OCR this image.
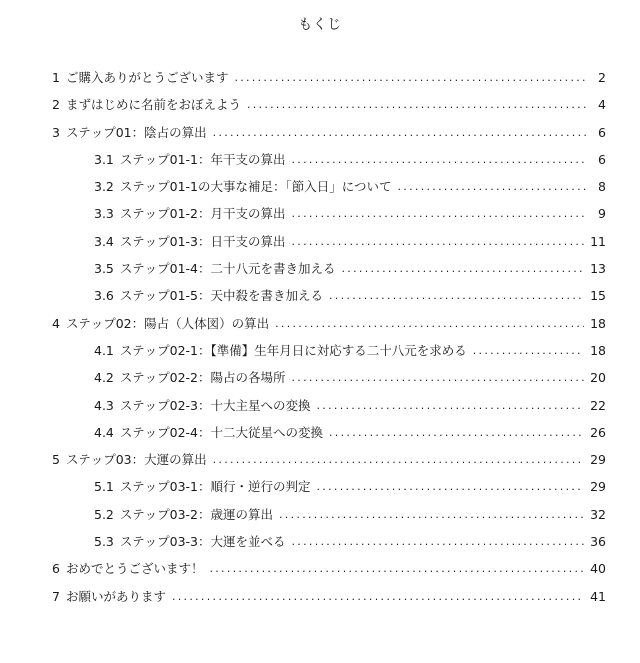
もくじ
1 ご購入ありがとうございます . . .	2
2 まずはじめに名前をおぼえよう . . .	4
3 ステップ01：陰占の算出 . . .	6
3.1 ステップ01-1：年干支の算出 . . .	6
3.2 ステップ01-1の大事な補足：「節入日」について . . .	8
3.3 ステップ01-2：月干支の算出 . . .	9
3.4 ステップ01-3：日干支の算出 . . .	11
3.5 ステップ01-4：二十八元を書き加える . . .	13
3.6 ステップ01-5：天中殺を書き加える . . .	15
4 ステップ02：陽占（人体図）の算出 . . .	18
4.1 ステップ02-1：【準備】生年月日に対応する二十八元を求める . . .	18
4.2 ステップ02-2：陽占の各場所 . . .	20
4.3 ステップ02-3：十大主星への変換 . . .	22
4.4 ステップ02-4：十二大従星への変換 . . .	26
5 ステップ03：大運の算出 . . .	29
5.1 ステップ03-1：順行・逆行の判定 . . .	29
5.2 ステップ03-2：歳運の算出 . . .	32
5.3 ステップ03-3：大運を並べる . . .	36
6 おめでとうございます！ . . .	40
7 お願いがあります . . .	41
